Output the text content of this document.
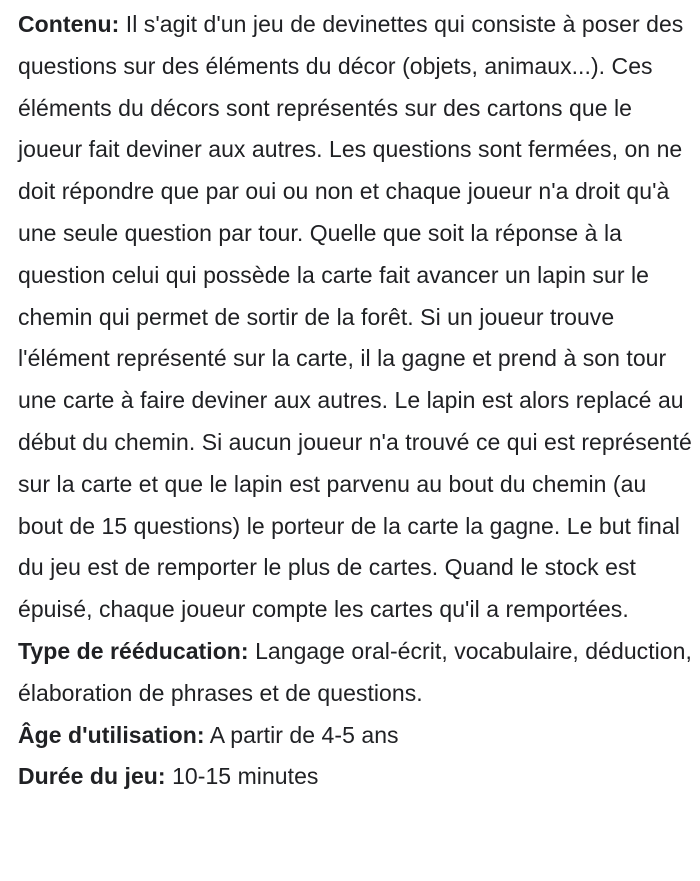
Contenu: Il s'agit d'un jeu de devinettes qui consiste à poser des questions sur des éléments du décor (objets, animaux...). Ces éléments du décors sont représentés sur des cartons que le joueur fait deviner aux autres. Les questions sont fermées, on ne doit répondre que par oui ou non et chaque joueur n'a droit qu'à une seule question par tour. Quelle que soit la réponse à la question celui qui possède la carte fait avancer un lapin sur le chemin qui permet de sortir de la forêt. Si un joueur trouve l'élément représenté sur la carte, il la gagne et prend à son tour une carte à faire deviner aux autres. Le lapin est alors replacé au début du chemin. Si aucun joueur n'a trouvé ce qui est représenté sur la carte et que le lapin est parvenu au bout du chemin (au bout de 15 questions) le porteur de la carte la gagne. Le but final du jeu est de remporter le plus de cartes. Quand le stock est épuisé, chaque joueur compte les cartes qu'il a remportées.

Type de rééducation: Langage oral-écrit, vocabulaire, déduction, élaboration de phrases et de questions.

Âge d'utilisation: A partir de 4-5 ans

Durée du jeu: 10-15 minutes
